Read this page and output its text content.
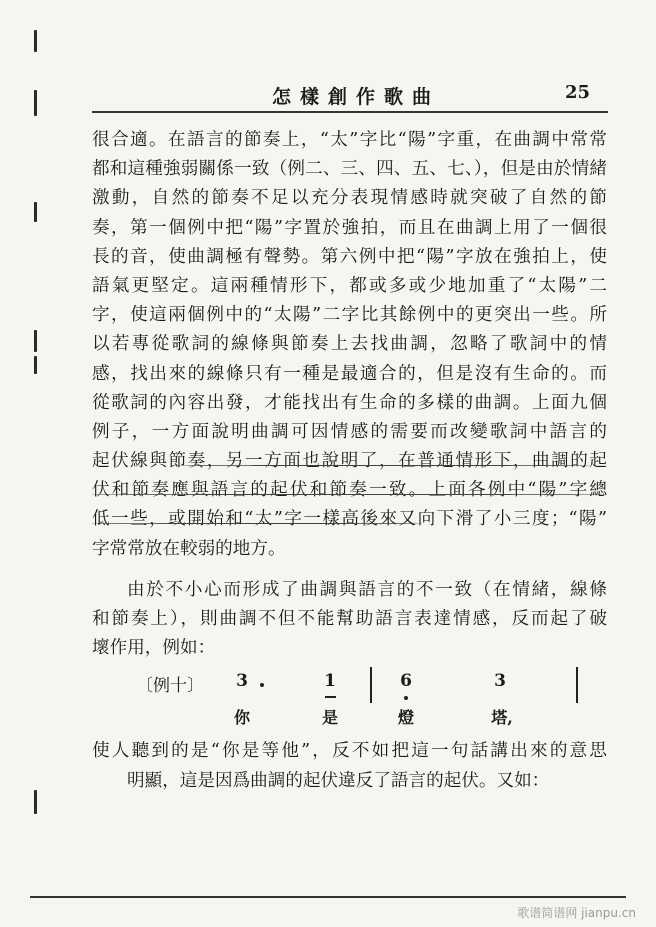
怎樣創作歌曲	25
很合適。在語言的節奏上，“太”字比“陽”字重，在曲調中常常
都和這種強弱關係一致（例二、三、四、五、七、），但是由於情緒
激動，自然的節奏不足以充分表現情感時就突破了自然的節
奏，第一個例中把“陽”字置於強拍，而且在曲調上用了一個很
長的音，使曲調極有聲勢。第六例中把“陽”字放在強拍上，使
語氣更堅定。這兩種情形下，都或多或少地加重了“太陽”二
字，使這兩個例中的“太陽”二字比其餘例中的更突出一些。所
以若專從歌詞的線條與節奏上去找曲調，忽略了歌詞中的情
感，找出來的線條只有一種是最適合的，但是沒有生命的。而
從歌詞的內容出發，才能找出有生命的多樣的曲調。上面九個
例子，一方面說明曲調可因情感的需要而改變歌詞中語言的
起伏線與節奏，另一方面也說明了，在普通情形下，曲調的起
伏和節奏應與語言的起伏和節奏一致。上面各例中“陽”字總
低一些，或開始和“太”字一樣高後來又向下滑了小三度；“陽”
字常常放在較弱的地方。
由於不小心而形成了曲調與語言的不一致（在情緒，線條
和節奏上），則曲調不但不能幫助語言表達情感，反而起了破
壞作用，例如：
〔例十〕 3	1	6	3
你	是	燈	塔,
使人聽到的是“你是等他”，反不如把這一句話講出來的意思
明顯，這是因爲曲調的起伏違反了語言的起伏。又如：
歌谱简谱网 jianpu.cn
